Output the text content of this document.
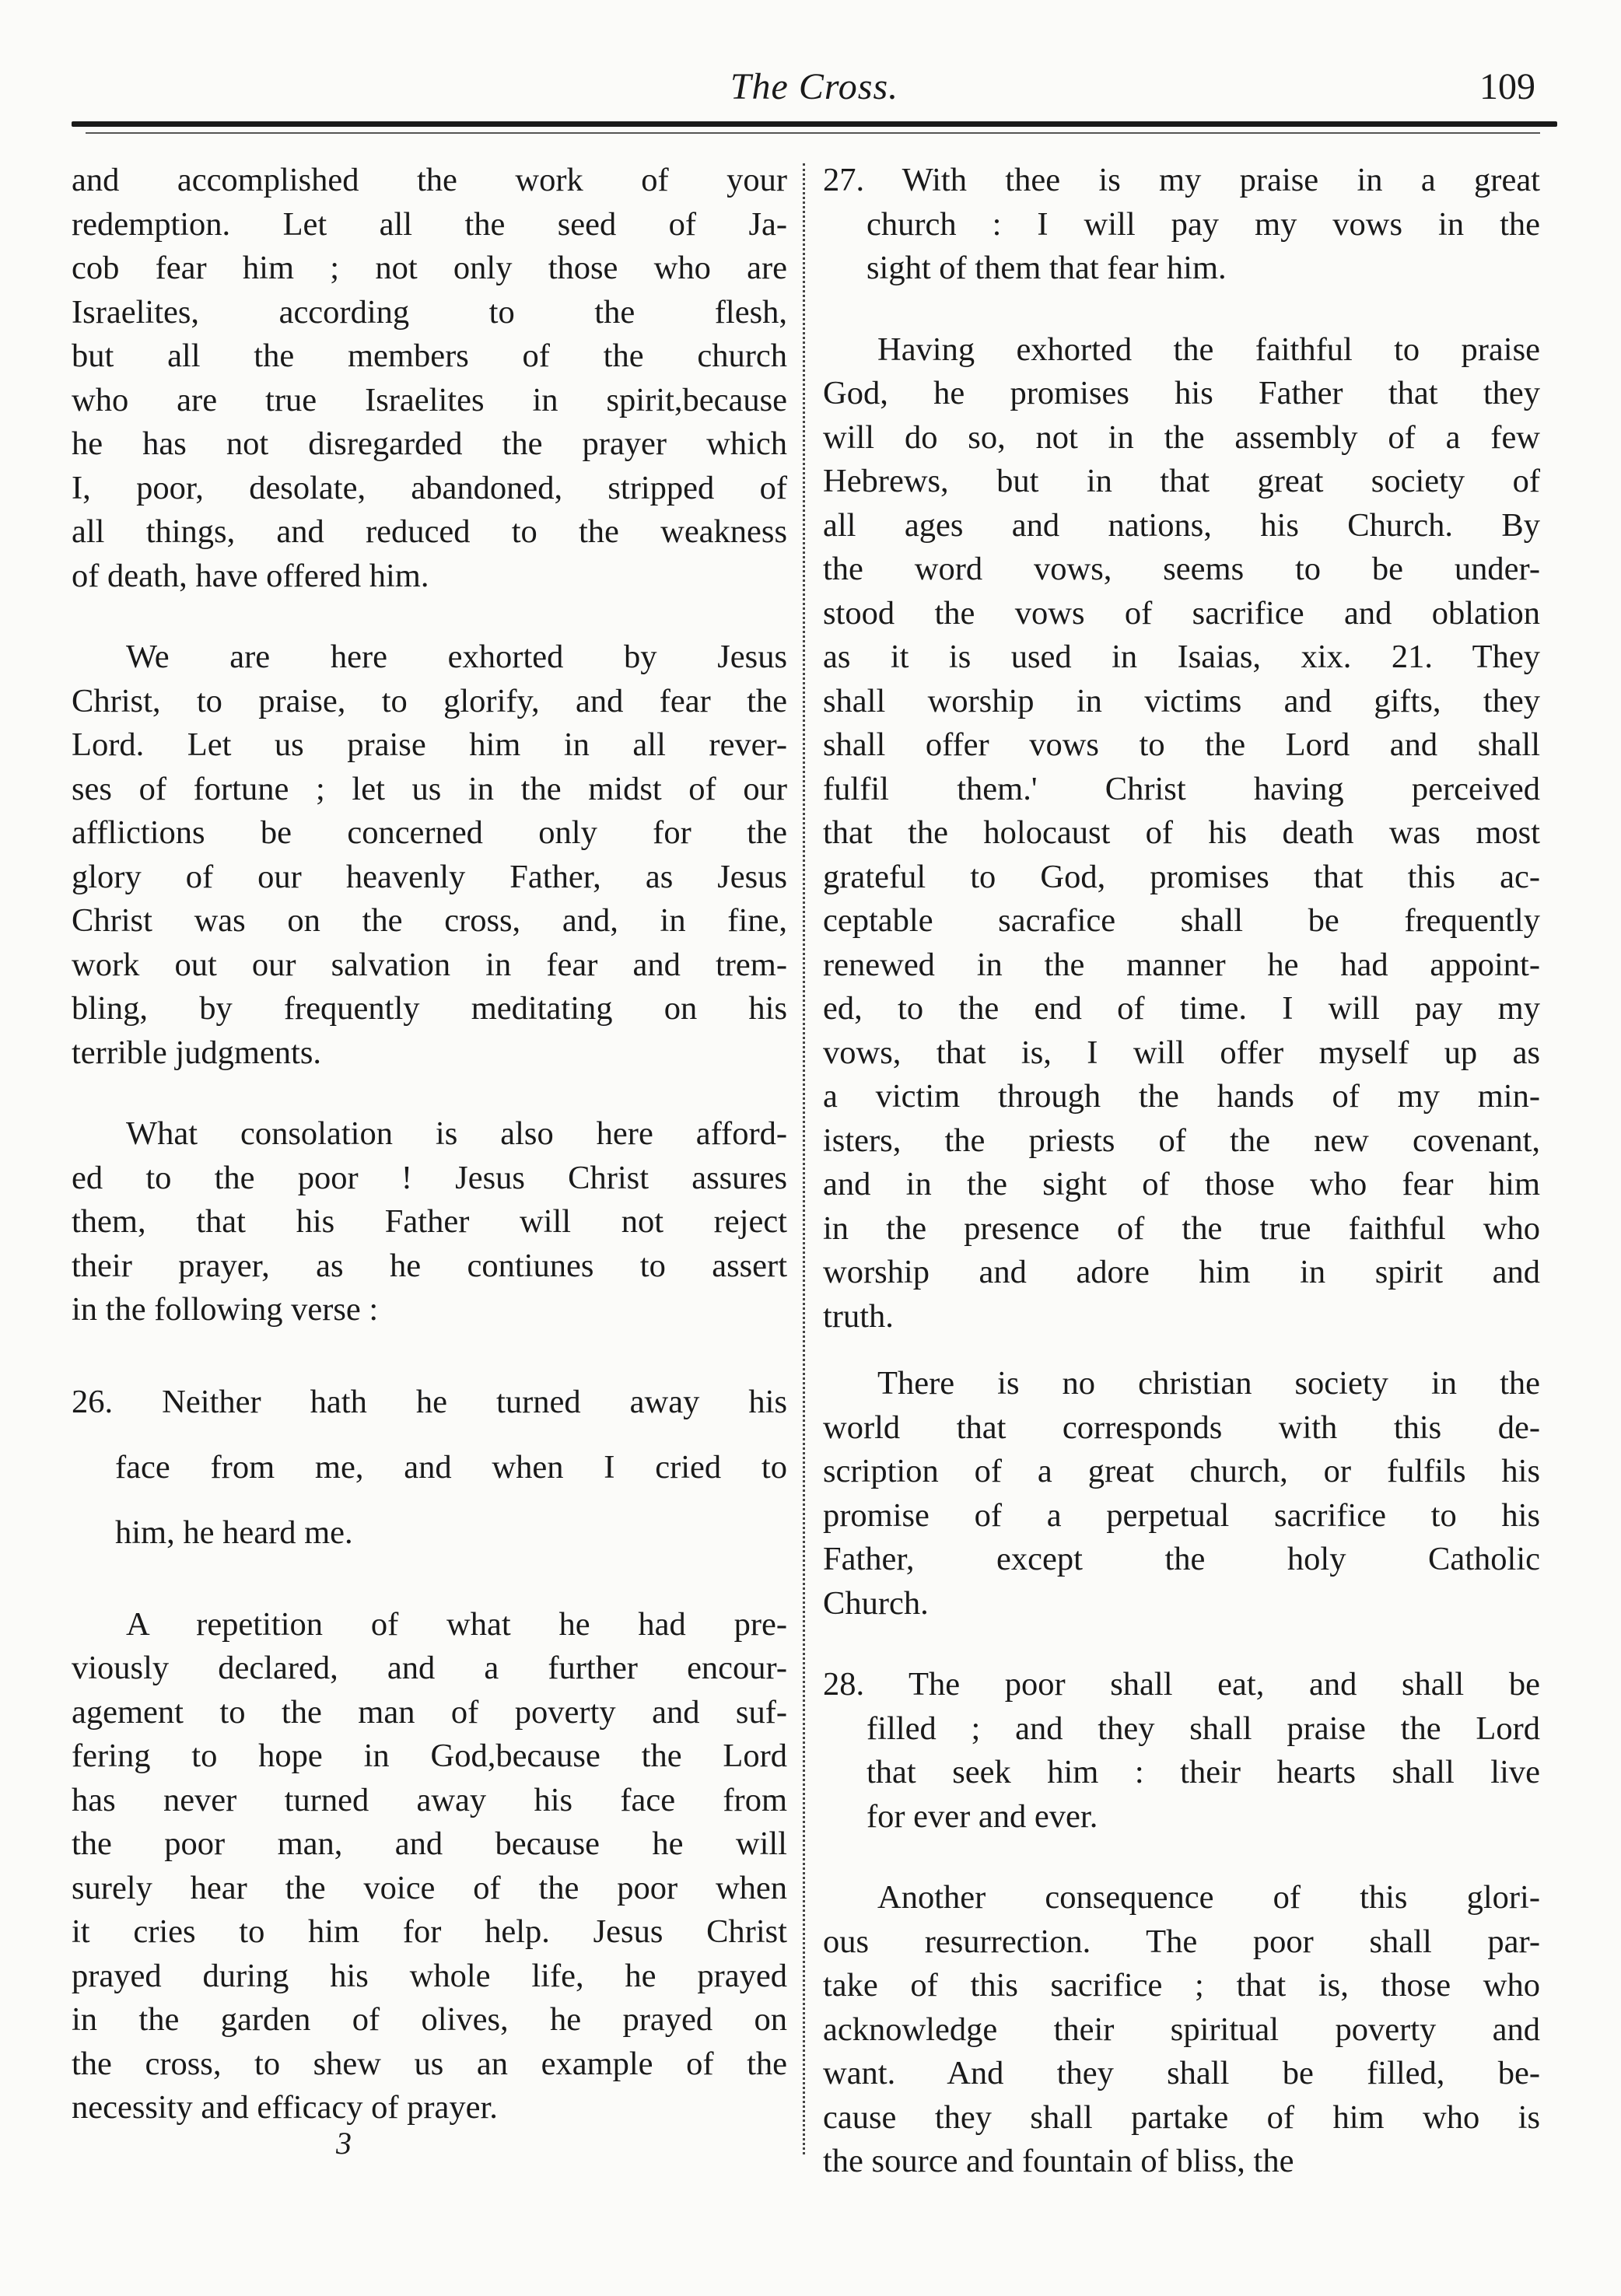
The Cross.	109
and accomplished the work of your
redemption. Let all the seed of Ja-
cob fear him ; not only those who are
Israelites, according to the flesh,
but all the members of the church
who are true Israelites in spirit,because
he has not disregarded the prayer which
I, poor, desolate, abandoned, stripped of
all things, and reduced to the weakness
of death, have offered him.
We are here exhorted by Jesus
Christ, to praise, to glorify, and fear the
Lord. Let us praise him in all rever-
ses of fortune ; let us in the midst of our
afflictions be concerned only for the
glory of our heavenly Father, as Jesus
Christ was on the cross, and, in fine,
work out our salvation in fear and trem-
bling, by frequently meditating on his
terrible judgments.
What consolation is also here afford-
ed to the poor ! Jesus Christ assures
them, that his Father will not reject
their prayer, as he contiunes to assert
in the following verse :
26. Neither hath he turned away his
face from me, and when I cried to
him, he heard me.
A repetition of what he had pre-
viously declared, and a further encour-
agement to the man of poverty and suf-
fering to hope in God,because the Lord
has never turned away his face from
the poor man, and because he will
surely hear the voice of the poor when
it cries to him for help. Jesus Christ
prayed during his whole life, he prayed
in the garden of olives, he prayed on
the cross, to shew us an example of the
necessity and efficacy of prayer.
27. With thee is my praise in a great
church : I will pay my vows in the
sight of them that fear him.
Having exhorted the faithful to praise
God, he promises his Father that they
will do so, not in the assembly of a few
Hebrews, but in that great society of
all ages and nations, his Church. By
the word vows, seems to be under-
stood the vows of sacrifice and oblation
as it is used in Isaias, xix. 21. They
shall worship in victims and gifts, they
shall offer vows to the Lord and shall
fulfil them.' Christ having perceived
that the holocaust of his death was most
grateful to God, promises that this ac-
ceptable sacrafice shall be frequently
renewed in the manner he had appoint-
ed, to the end of time. I will pay my
vows, that is, I will offer myself up as
a victim through the hands of my min-
isters, the priests of the new covenant,
and in the sight of those who fear him
in the presence of the true faithful who
worship and adore him in spirit and
truth.
There is no christian society in the
world that corresponds with this de-
scription of a great church, or fulfils his
promise of a perpetual sacrifice to his
Father, except the holy Catholic
Church.
28. The poor shall eat, and shall be
filled ; and they shall praise the Lord
that seek him : their hearts shall live
for ever and ever.
Another consequence of this glori-
ous resurrection. The poor shall par-
take of this sacrifice ; that is, those who
acknowledge their spiritual poverty and
want. And they shall be filled, be-
cause they shall partake of him who is
the source and fountain of bliss, the
3
